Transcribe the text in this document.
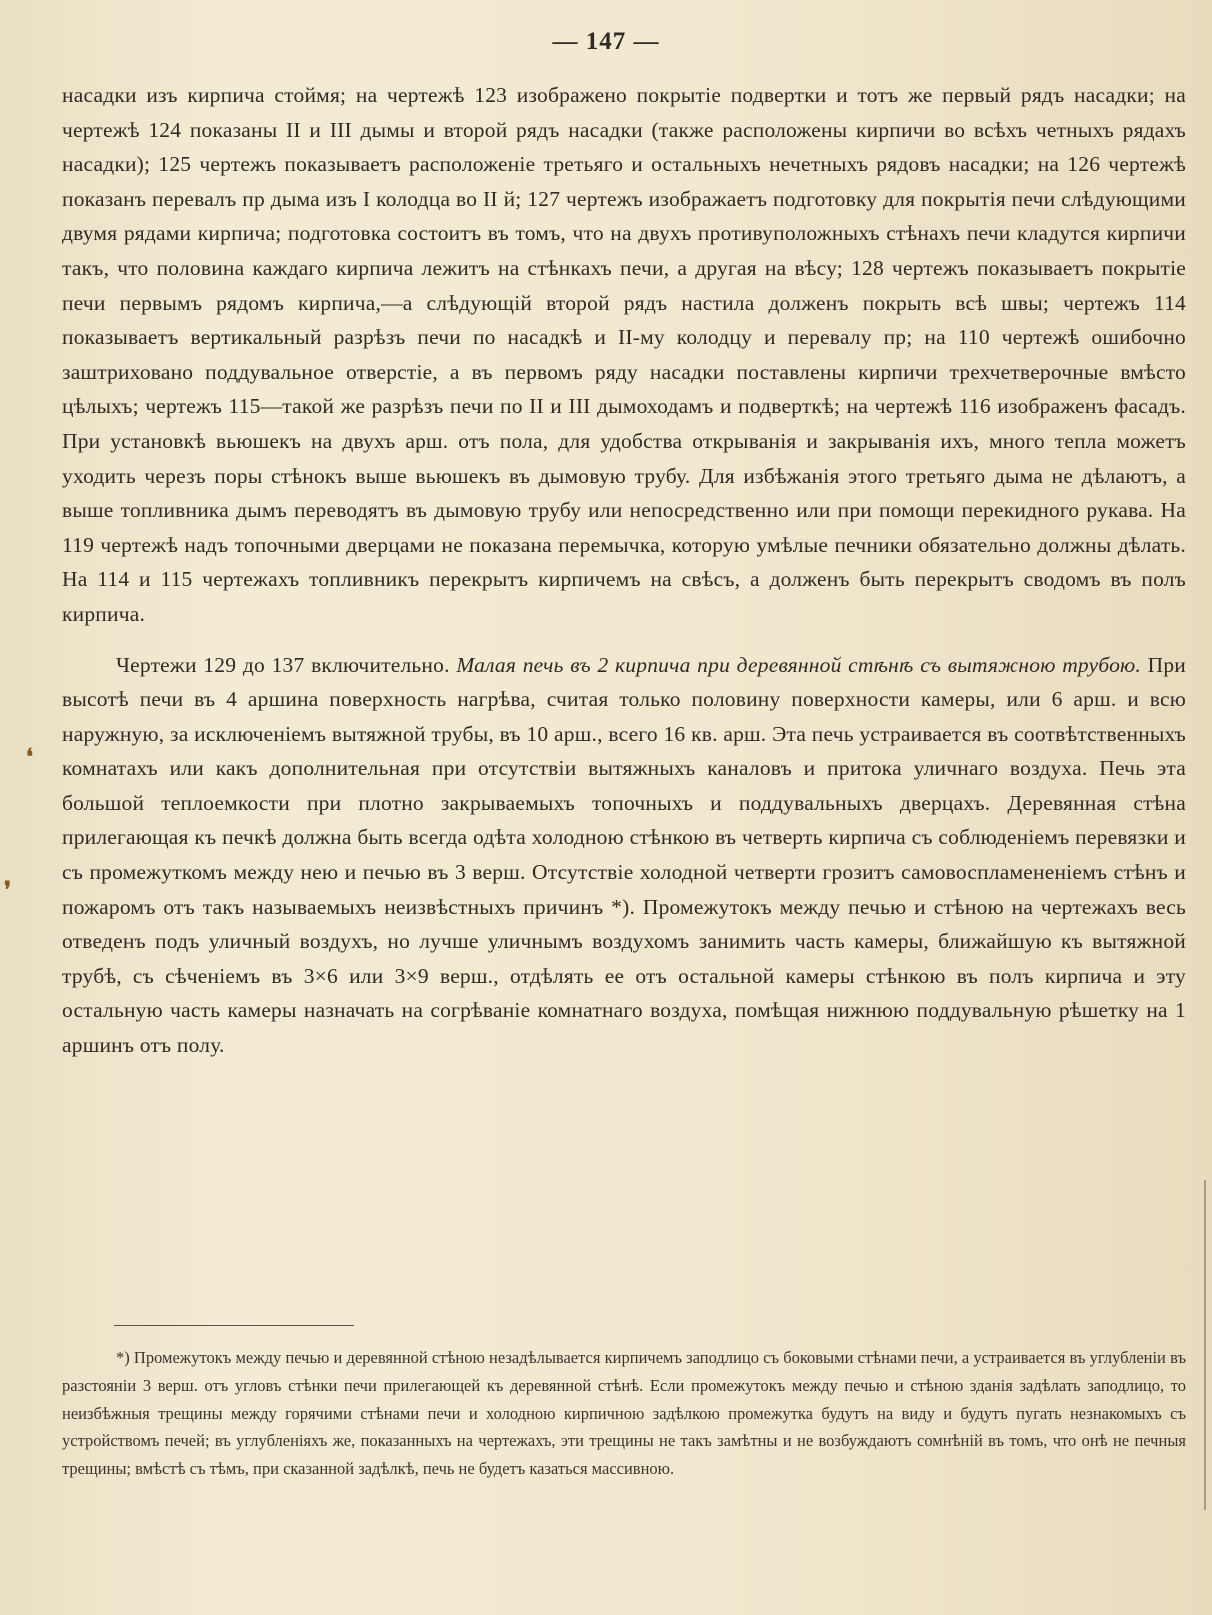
— 147 —

насадки изъ кирпича стоймя; на чертежѣ 123 изображено покрытіе подвертки и тотъ же первый рядъ насадки; на чертежѣ 124 показаны II и III дымы и второй рядъ насадки (также расположены кирпичи во всѣхъ четныхъ рядахъ насадки); 125 чертежъ показываетъ расположеніе третьяго и остальныхъ нечетныхъ рядовъ насадки; на 126 чертежѣ показанъ перевалъ пр дыма изъ I колодца во II й; 127 чертежъ изображаетъ подготовку для покрытія печи слѣдующими двумя рядами кирпича; подготовка состоитъ въ томъ, что на двухъ противуположныхъ стѣнахъ печи кладутся кирпичи такъ, что половина каждаго кирпича лежитъ на стѣнкахъ печи, а другая на вѣсу; 128 чертежъ показываетъ покрытіе печи первымъ рядомъ кирпича,—а слѣдующій второй рядъ настила долженъ покрыть всѣ швы; чертежъ 114 показываетъ вертикальный разрѣзъ печи по насадкѣ и II-му колодцу и перевалу пр; на 110 чертежѣ ошибочно заштриховано поддувальное отверстіе, а въ первомъ ряду насадки поставлены кирпичи трехчетверочные вмѣсто цѣлыхъ; чертежъ 115—такой же разрѣзъ печи по II и III дымоходамъ и подверткѣ; на чертежѣ 116 изображенъ фасадъ. При установкѣ вьюшекъ на двухъ арш. отъ пола, для удобства открыванія и закрыванія ихъ, много тепла можетъ уходить черезъ поры стѣнокъ выше вьюшекъ въ дымовую трубу. Для избѣжанія этого третьяго дыма не дѣлаютъ, а выше топливника дымъ переводятъ въ дымовую трубу или непосредственно или при помощи перекидного рукава. На 119 чертежѣ надъ топочными дверцами не показана перемычка, которую умѣлые печники обязательно должны дѣлать. На 114 и 115 чертежахъ топливникъ перекрытъ кирпичемъ на свѣсъ, а долженъ быть перекрытъ сводомъ въ полъ кирпича.

Чертежи 129 до 137 включительно. Малая печь въ 2 кирпича при деревянной стѣнѣ съ вытяжною трубою. При высотѣ печи въ 4 аршина поверхность нагрѣва, считая только половину поверхности камеры, или 6 арш. и всю наружную, за исключеніемъ вытяжной трубы, въ 10 арш., всего 16 кв. арш. Эта печь устраивается въ соотвѣтственныхъ комнатахъ или какъ дополнительная при отсутствіи вытяжныхъ каналовъ и притока уличнаго воздуха. Печь эта большой теплоемкости при плотно закрываемыхъ топочныхъ и поддувальныхъ дверцахъ. Деревянная стѣна прилегающая къ печкѣ должна быть всегда одѣта холодною стѣнкою въ четверть кирпича съ соблюденіемъ перевязки и съ промежуткомъ между нею и печью въ 3 верш. Отсутствіе холодной четверти грозитъ самовоспламененіемъ стѣнъ и пожаромъ отъ такъ называемыхъ неизвѣстныхъ причинъ *). Промежутокъ между печью и стѣною на чертежахъ весь отведенъ подъ уличный воздухъ, но лучше уличнымъ воздухомъ занимить часть камеры, ближайшую къ вытяжной трубѣ, съ сѣченіемъ въ 3×6 или 3×9 верш., отдѣлять ее отъ остальной камеры стѣнкою въ полъ кирпича и эту остальную часть камеры назначать на согрѣваніе комнатнаго воздуха, помѣщая нижнюю поддувальную рѣшетку на 1 аршинъ отъ полу.

❛
❜

*) Промежутокъ между печью и деревянной стѣною незадѣлывается кирпичемъ заподлицо съ боковыми стѣнами печи, а устраивается въ углубленіи въ разстояніи 3 верш. отъ угловъ стѣнки печи прилегающей къ деревянной стѣнѣ. Если промежутокъ между печью и стѣною зданія задѣлать заподлицо, то неизбѣжныя трещины между горячими стѣнами печи и холодною кирпичною задѣлкою промежутка будутъ на виду и будутъ пугать незнакомыхъ съ устройствомъ печей; въ углубленіяхъ же, показанныхъ на чертежахъ, эти трещины не такъ замѣтны и не возбуждаютъ сомнѣній въ томъ, что онѣ не печныя трещины; вмѣстѣ съ тѣмъ, при сказанной задѣлкѣ, печь не будетъ казаться массивною.
